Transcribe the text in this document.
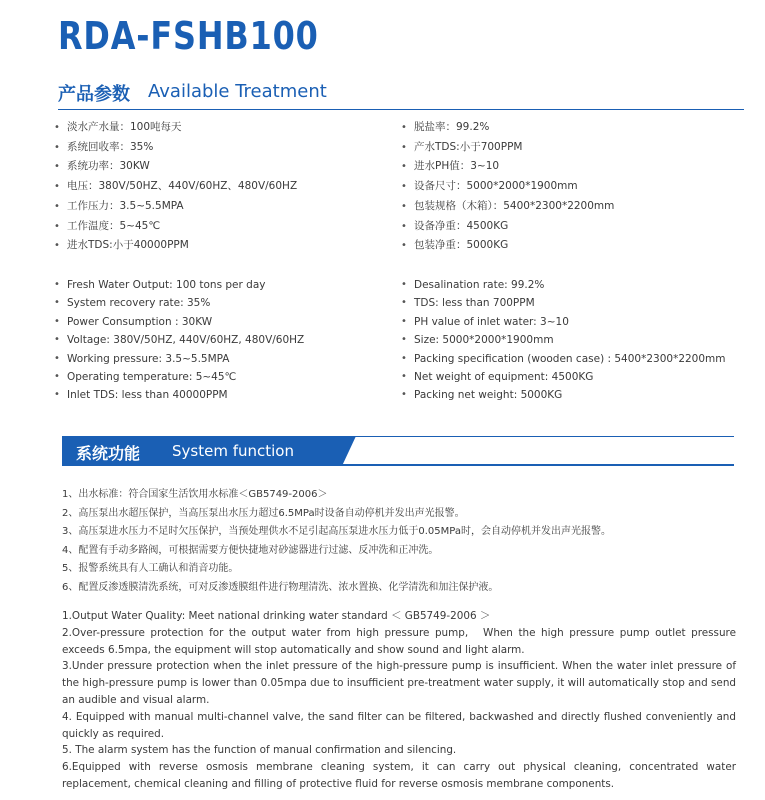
RDA-FSHB100
产品参数 Available Treatment
• 淡水产水量：100吨每天
• 系统回收率：35%
• 系统功率：30KW
• 电压：380V/50HZ、440V/60HZ、480V/60HZ
• 工作压力：3.5~5.5MPA
• 工作温度：5~45℃
• 进水TDS:小于40000PPM
• 脱盐率：99.2%
• 产水TDS:小于700PPM
• 进水PH值：3~10
• 设备尺寸：5000*2000*1900mm
• 包装规格（木箱）：5400*2300*2200mm
• 设备净重：4500KG
• 包装净重：5000KG
• Fresh Water Output: 100 tons per day
• System recovery rate: 35%
• Power Consumption : 30KW
• Voltage: 380V/50HZ, 440V/60HZ, 480V/60HZ
• Working pressure: 3.5~5.5MPA
• Operating temperature: 5~45℃
• Inlet TDS: less than 40000PPM
• Desalination rate: 99.2%
• TDS: less than 700PPM
• PH value of inlet water: 3~10
• Size: 5000*2000*1900mm
• Packing specification (wooden case) : 5400*2300*2200mm
• Net weight of equipment: 4500KG
• Packing net weight: 5000KG
系统功能 System function
1、出水标准：符合国家生活饮用水标准＜GB5749-2006＞
2、高压泵出水超压保护，当高压泵出水压力超过6.5MPa时设备自动停机并发出声光报警。
3、高压泵进水压力不足时欠压保护，当预处理供水不足引起高压泵进水压力低于0.05MPa时，会自动停机并发出声光报警。
4、配置有手动多路阀，可根据需要方便快捷地对砂滤器进行过滤、反冲洗和正冲洗。
5、报警系统具有人工确认和消音功能。
6、配置反渗透膜清洗系统，可对反渗透膜组件进行物理清洗、浓水置换、化学清洗和加注保护液。
1.Output Water Quality: Meet national drinking water standard ＜ GB5749-2006 ＞
2.Over-pressure protection for the output water from high pressure pump,　When the high pressure pump outlet pressure exceeds 6.5mpa, the equipment will stop automatically and show sound and light alarm.
3.Under pressure protection when the inlet pressure of the high-pressure pump is insufficient. When the water inlet pressure of the high-pressure pump is lower than 0.05mpa due to insufficient pre-treatment water supply, it will automatically stop and send an audible and visual alarm.
4. Equipped with manual multi-channel valve, the sand filter can be filtered, backwashed and directly flushed conveniently and quickly as required.
5. The alarm system has the function of manual confirmation and silencing.
6.Equipped with reverse osmosis membrane cleaning system, it can carry out physical cleaning, concentrated water replacement, chemical cleaning and filling of protective fluid for reverse osmosis membrane components.
